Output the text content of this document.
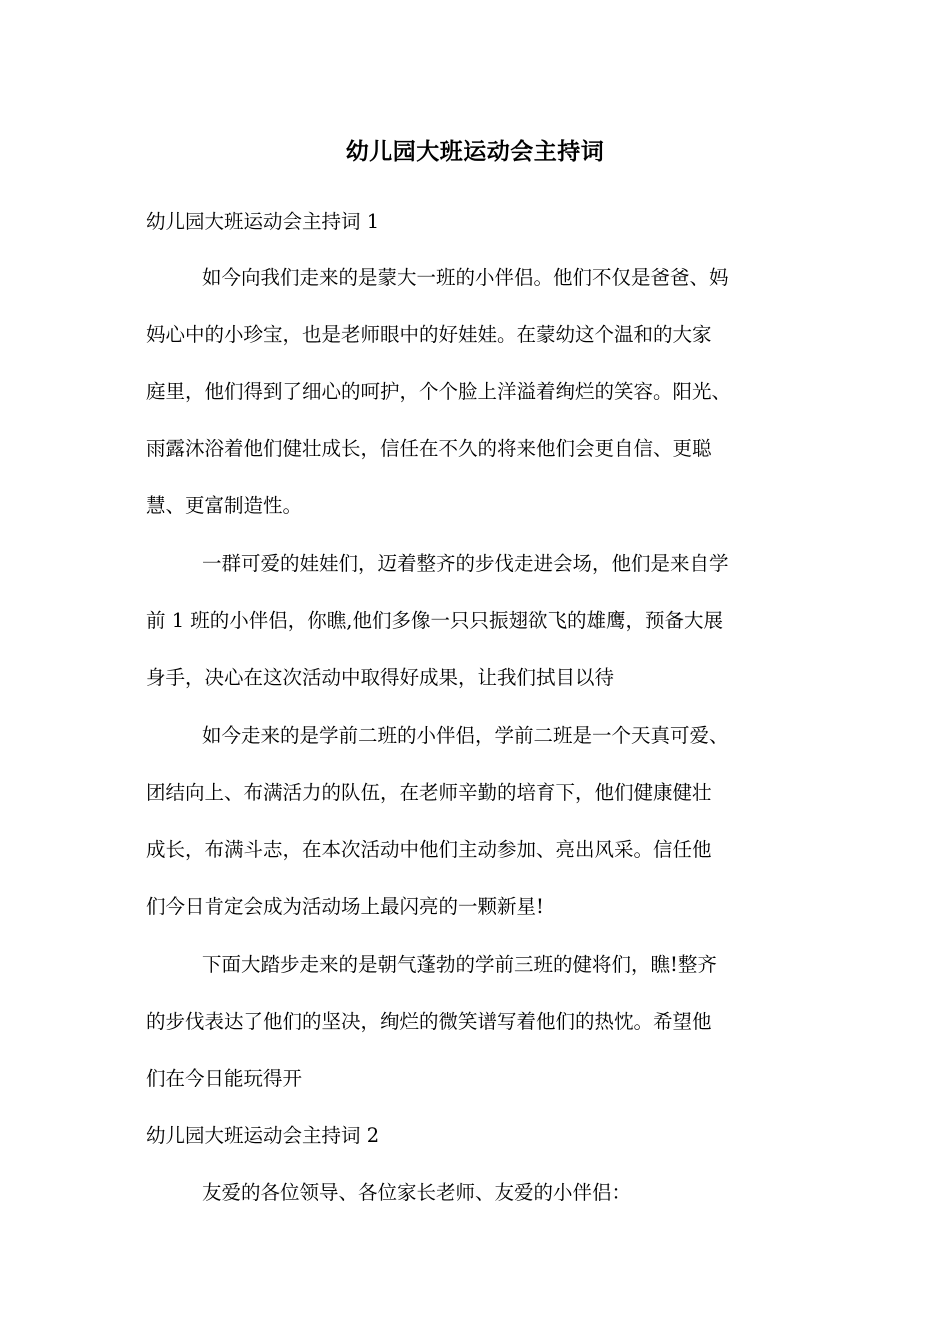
幼儿园大班运动会主持词
幼儿园大班运动会主持词 1
如今向我们走来的是蒙大一班的小伴侣。他们不仅是爸爸、妈
妈心中的小珍宝，也是老师眼中的好娃娃。在蒙幼这个温和的大家
庭里，他们得到了细心的呵护，个个脸上洋溢着绚烂的笑容。阳光、
雨露沐浴着他们健壮成长，信任在不久的将来他们会更自信、更聪
慧、更富制造性。
一群可爱的娃娃们，迈着整齐的步伐走进会场，他们是来自学
前 1 班的小伴侣，你瞧,他们多像一只只振翅欲飞的雄鹰，预备大展
身手，决心在这次活动中取得好成果，让我们拭目以待
如今走来的是学前二班的小伴侣，学前二班是一个天真可爱、
团结向上、布满活力的队伍，在老师辛勤的培育下，他们健康健壮
成长，布满斗志，在本次活动中他们主动参加、亮出风采。信任他
们今日肯定会成为活动场上最闪亮的一颗新星!
下面大踏步走来的是朝气蓬勃的学前三班的健将们，瞧!整齐
的步伐表达了他们的坚决，绚烂的微笑谱写着他们的热忱。希望他
们在今日能玩得开
幼儿园大班运动会主持词 2
友爱的各位领导、各位家长老师、友爱的小伴侣：
